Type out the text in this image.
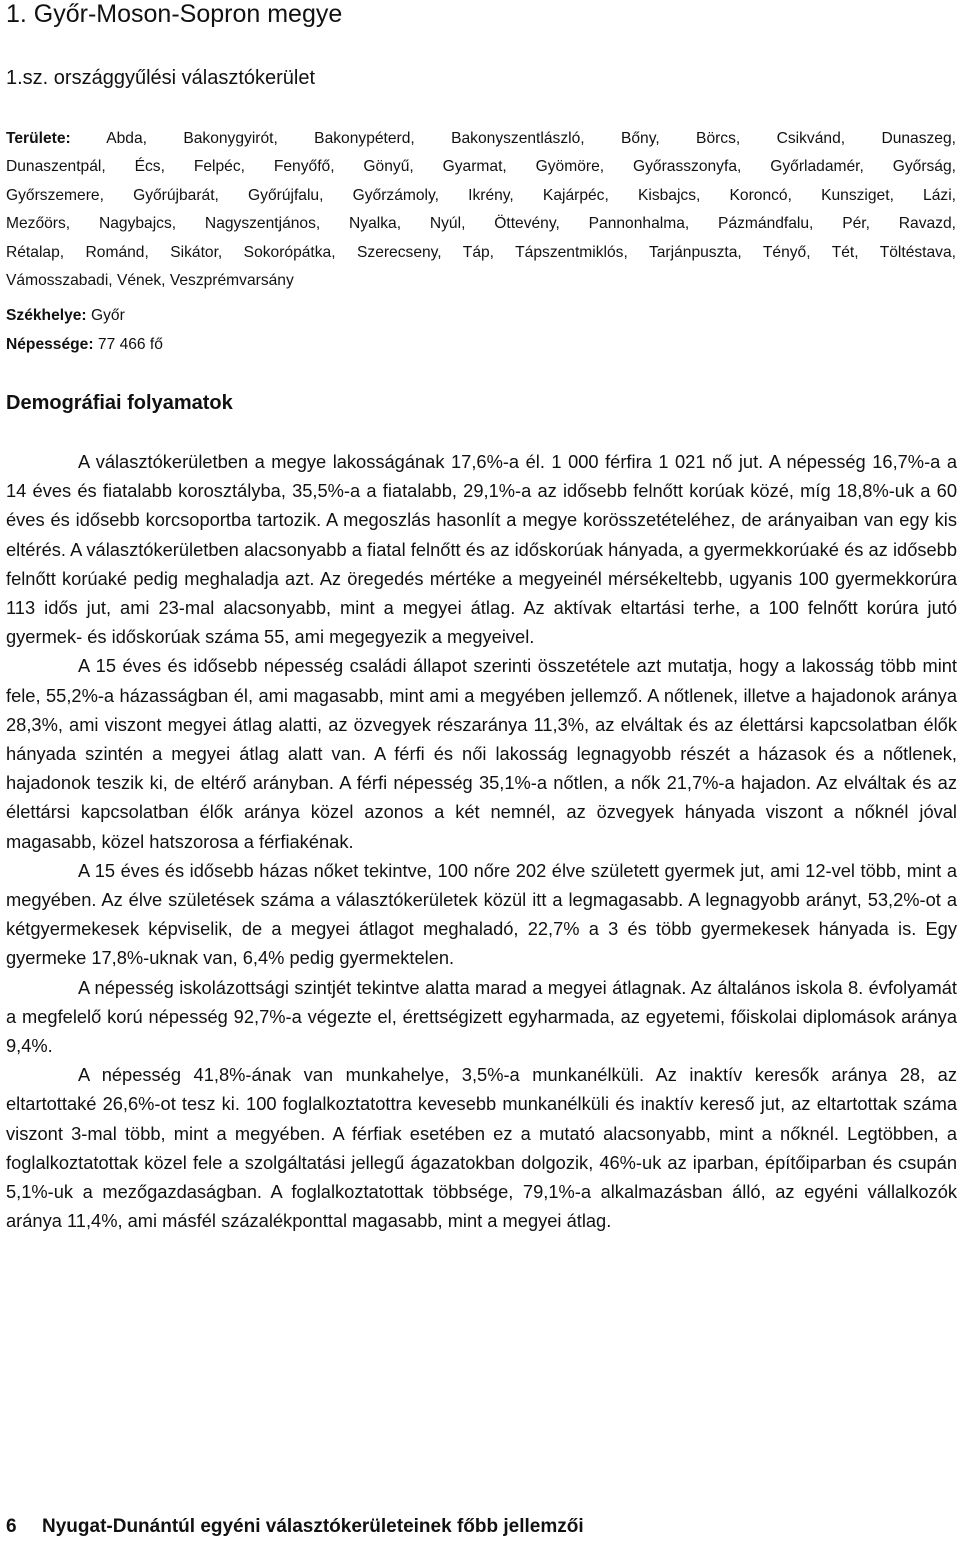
1. Győr-Moson-Sopron megye
1.sz. országgyűlési választókerület
Területe: Abda, Bakonygyirót, Bakonypéterd, Bakonyszentlászló, Bőny, Börcs, Csikvánd, Dunaszeg,
Dunaszentpál, Écs, Felpéc, Fenyőfő, Gönyű, Gyarmat, Gyömöre, Győrasszonyfa, Győrladamér, Győrság,
Győrszemere, Győrújbarát, Győrújfalu, Győrzámoly, Ikrény, Kajárpéc, Kisbajcs, Koroncó, Kunsziget, Lázi,
Mezőörs, Nagybajcs, Nagyszentjános, Nyalka, Nyúl, Öttevény, Pannonhalma, Pázmándfalu, Pér, Ravazd,
Rétalap, Románd, Sikátor, Sokorópátka, Szerecseny, Táp, Tápszentmiklós, Tarjánpuszta, Tényő, Tét, Töltéstava,
Vámosszabadi, Vének, Veszprémvarsány
Székhelye: Győr
Népessége: 77 466 fő
Demográfiai folyamatok

A választókerületben a megye lakosságának 17,6%-a él. 1 000 férfira 1 021 nő jut. A népesség 16,7%-a a 14 éves és fiatalabb korosztályba, 35,5%-a a fiatalabb, 29,1%-a az idősebb felnőtt korúak közé, míg 18,8%-uk a 60 éves és idősebb korcsoportba tartozik. A megoszlás hasonlít a megye korösszetételéhez, de arányaiban van egy kis eltérés. A választókerületben alacsonyabb a fiatal felnőtt és az időskorúak hányada, a gyermekkorúaké és az idősebb felnőtt korúaké pedig meghaladja azt. Az öregedés mértéke a megyeinél mérsékeltebb, ugyanis 100 gyermekkorúra 113 idős jut, ami 23-mal alacsonyabb, mint a megyei átlag. Az aktívak eltartási terhe, a 100 felnőtt korúra jutó gyermek- és időskorúak száma 55, ami megegyezik a megyeivel.

A 15 éves és idősebb népesség családi állapot szerinti összetétele azt mutatja, hogy a lakosság több mint fele, 55,2%-a házasságban él, ami magasabb, mint ami a megyében jellemző. A nőtlenek, illetve a hajadonok aránya 28,3%, ami viszont megyei átlag alatti, az özvegyek részaránya 11,3%, az elváltak és az élettársi kapcsolatban élők hányada szintén a megyei átlag alatt van. A férfi és női lakosság legnagyobb részét a házasok és a nőtlenek, hajadonok teszik ki, de eltérő arányban. A férfi népesség 35,1%-a nőtlen, a nők 21,7%-a hajadon. Az elváltak és az élettársi kapcsolatban élők aránya közel azonos a két nemnél, az özvegyek hányada viszont a nőknél jóval magasabb, közel hatszorosa a férfiakénak.

A 15 éves és idősebb házas nőket tekintve, 100 nőre 202 élve született gyermek jut, ami 12-vel több, mint a megyében. Az élve születések száma a választókerületek közül itt a legmagasabb. A legnagyobb arányt, 53,2%-ot a kétgyermekesek képviselik, de a megyei átlagot meghaladó, 22,7% a 3 és több gyermekesek hányada is. Egy gyermeke 17,8%-uknak van, 6,4% pedig gyermektelen.

A népesség iskolázottsági szintjét tekintve alatta marad a megyei átlagnak. Az általános iskola 8. évfolyamát a megfelelő korú népesség 92,7%-a végezte el, érettségizett egyharmada, az egyetemi, főiskolai diplomások aránya 9,4%.

A népesség 41,8%-ának van munkahelye, 3,5%-a munkanélküli. Az inaktív keresők aránya 28, az eltartottaké 26,6%-ot tesz ki. 100 foglalkoztatottra kevesebb munkanélküli és inaktív kereső jut, az eltartottak száma viszont 3-mal több, mint a megyében. A férfiak esetében ez a mutató alacsonyabb, mint a nőknél. Legtöbben, a foglalkoztatottak közel fele a szolgáltatási jellegű ágazatokban dolgozik, 46%-uk az iparban, építőiparban és csupán 5,1%-uk a mezőgazdaságban. A foglalkoztatottak többsége, 79,1%-a alkalmazásban álló, az egyéni vállalkozók aránya 11,4%, ami másfél százalékponttal magasabb, mint a megyei átlag.

6 Nyugat-Dunántúl egyéni választókerületeinek főbb jellemzői
